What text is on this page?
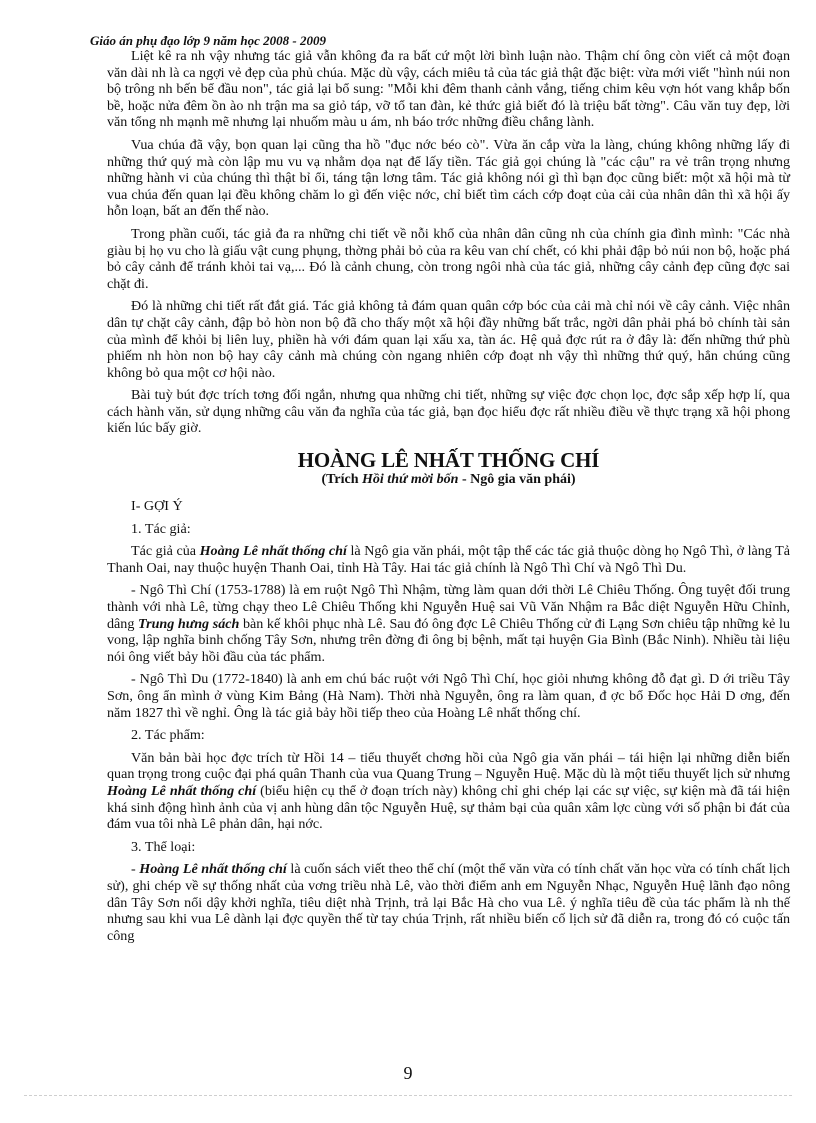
Giáo án phụ đạo lớp 9 năm học 2008 - 2009

Liệt kê ra nh vậy nhưng tác giả vẫn không đa ra bất cứ một lời bình luận nào. Thậm chí ông còn viết cả một đoạn văn dài nh là ca ngợi vẻ đẹp của phủ chúa. Mặc dù vậy, cách miêu tả của tác giả thật đặc biệt: vừa mới viết "hình núi non bộ trông nh bến bể đầu non", tác giả lại bổ sung: "Mỗi khi đêm thanh cảnh vắng, tiếng chim kêu vợn hót vang khắp bốn bề, hoặc nửa đêm ồn ào nh trận ma sa giỏ táp, vỡ tổ tan đàn, kẻ thức giả biết đó là triệu bất tờng". Câu văn tuy đẹp, lời văn tổng nh mạnh mẽ nhưng lại nhuốm màu u ám, nh báo trớc những điều chẳng lành.

Vua chúa đã vậy, bọn quan lại cũng tha hồ "đục nớc béo cò". Vừa ăn cắp vừa la làng, chúng không những lấy đi những thứ quý mà còn lập mu vu vạ nhằm dọa nạt để lấy tiền. Tác giả gọi chúng là "các cậu" ra vẻ trân trọng nhưng những hành vi của chúng thì thật bỉ ổi, táng tận lơng tâm. Tác giả không nói gì thì bạn đọc cũng biết: một xã hội mà từ vua chúa đến quan lại đều không chăm lo gì đến việc nớc, chỉ biết tìm cách cớp đoạt của cải của nhân dân thì xã hội ấy hỗn loạn, bất an đến thế nào.

Trong phần cuối, tác giả đa ra những chi tiết về nỗi khổ của nhân dân cũng nh của chính gia đình mình: "Các nhà giàu bị họ vu cho là giấu vật cung phụng, thờng phải bỏ của ra kêu van chí chết, có khi phải đập bỏ núi non bộ, hoặc phá bỏ cây cảnh để tránh khỏi tai vạ,... Đó là cảnh chung, còn trong ngôi nhà của tác giả, những cây cảnh đẹp cũng đợc sai chặt đi.

Đó là những chi tiết rất đắt giá. Tác giả không tả đám quan quân cớp bóc của cải mà chỉ nói về cây cảnh. Việc nhân dân tự chặt cây cảnh, đập bỏ hòn non bộ đã cho thấy một xã hội đầy những bất trắc, ngời dân phải phá bỏ chính tài sản của mình để khỏi bị liên luỵ, phiền hà với đám quan lại xấu xa, tàn ác. Hệ quả đợc rút ra ở đây là: đến những thứ phù phiếm nh hòn non bộ hay cây cảnh mà chúng còn ngang nhiên cớp đoạt nh vậy thì những thứ quý, hẳn chúng cũng không bỏ qua một cơ hội nào.

Bài tuỳ bút đợc trích tơng đối ngắn, nhưng qua những chi tiết, những sự việc đợc chọn lọc, đợc sắp xếp hợp lí, qua cách hành văn, sử dụng những câu văn đa nghĩa của tác giả, bạn đọc hiểu đợc rất nhiều điều về thực trạng xã hội phong kiến lúc bấy giờ.

HOÀNG LÊ NHẤT THỐNG CHÍ
(Trích Hồi thứ mời bốn - Ngô gia văn phái)

I- GỢI Ý

1. Tác giả:

Tác giả của Hoàng Lê nhất thống chí là Ngô gia văn phái, một tập thể các tác giả thuộc dòng họ Ngô Thì, ở làng Tả Thanh Oai, nay thuộc huyện Thanh Oai, tỉnh Hà Tây. Hai tác giả chính là Ngô Thì Chí và Ngô Thì Du.

- Ngô Thì Chí (1753-1788) là em ruột Ngô Thì Nhậm, từng làm quan dới thời Lê Chiêu Thống. Ông tuyệt đối trung thành với nhà Lê, từng chạy theo Lê Chiêu Thống khi Nguyễn Huệ sai Vũ Văn Nhậm ra Bắc diệt Nguyễn Hữu Chỉnh, dâng Trung hưng sách bàn kế khôi phục nhà Lê. Sau đó ông đợc Lê Chiêu Thống cử đi Lạng Sơn chiêu tập những kẻ lu vong, lập nghĩa binh chống Tây Sơn, nhưng trên đờng đi ông bị bệnh, mất tại huyện Gia Bình (Bắc Ninh). Nhiều tài liệu nói ông viết bảy hồi đầu của tác phẩm.

- Ngô Thì Du (1772-1840) là anh em chú bác ruột với Ngô Thì Chí, học giỏi nhưng không đỗ đạt gì. D ới triều Tây Sơn, ông ẩn mình ở vùng Kim Bảng (Hà Nam). Thời nhà Nguyễn, ông ra làm quan, đ ợc bổ Đốc học Hải D ơng, đến năm 1827 thì về nghỉ. Ông là tác giả bảy hồi tiếp theo của Hoàng Lê nhất thống chí.

2. Tác phẩm:

Văn bản bài học đợc trích từ Hồi 14 – tiểu thuyết chơng hồi của Ngô gia văn phái – tái hiện lại những diễn biến quan trọng trong cuộc đại phá quân Thanh của vua Quang Trung – Nguyễn Huệ. Mặc dù là một tiểu thuyết lịch sử nhưng Hoàng Lê nhất thống chí (biểu hiện cụ thể ở đoạn trích này) không chỉ ghi chép lại các sự việc, sự kiện mà đã tái hiện khá sinh động hình ảnh của vị anh hùng dân tộc Nguyễn Huệ, sự thảm bại của quân xâm lợc cùng với số phận bi đát của đám vua tôi nhà Lê phản dân, hại nớc.

3. Thể loại:

- Hoàng Lê nhất thống chí là cuốn sách viết theo thể chí (một thể văn vừa có tính chất văn học vừa có tính chất lịch sử), ghi chép về sự thống nhất của vơng triều nhà Lê, vào thời điểm anh em Nguyễn Nhạc, Nguyễn Huệ lãnh đạo nông dân Tây Sơn nổi dậy khởi nghĩa, tiêu diệt nhà Trịnh, trả lại Bắc Hà cho vua Lê. ý nghĩa tiêu đề của tác phẩm là nh thế nhưng sau khi vua Lê dành lại đợc quyền thế từ tay chúa Trịnh, rất nhiều biến cố lịch sử đã diễn ra, trong đó có cuộc tấn công

9
